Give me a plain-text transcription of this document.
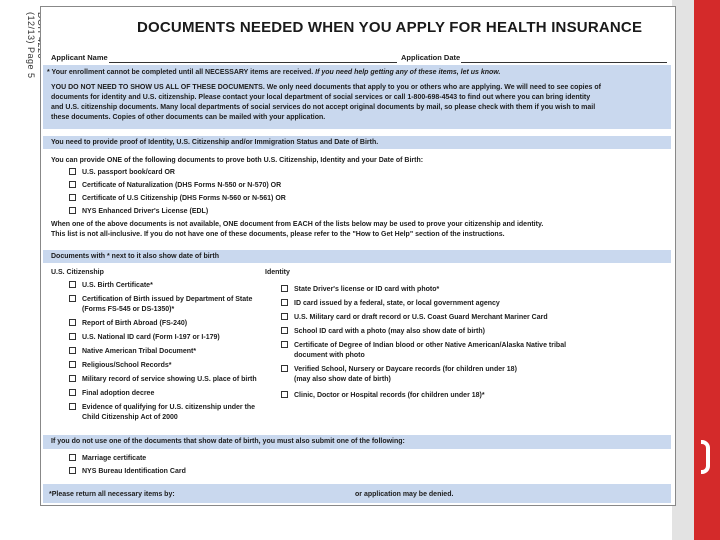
(12/13) Page 5
DOCUMENTS NEEDED WHEN YOU APPLY FOR HEALTH INSURANCE
Applicant Name	Application Date
* Your enrollment cannot be completed until all NECESSARY items are received. If you need help getting any of these items, let us know.
YOU DO NOT NEED TO SHOW US ALL OF THESE DOCUMENTS. We only need documents that apply to you or others who are applying. We will need to see copies of
documents for identity and U.S. citizenship. Please contact your local department of social services or call 1-800-698-4543 to find out where you can bring identity
and U.S. citizenship documents. Many local departments of social services do not accept original documents by mail, so please check with them if you wish to mail
these documents. Copies of other documents can be mailed with your application.
You need to provide proof of Identity, U.S. Citizenship and/or Immigration Status and Date of Birth.
You can provide ONE of the following documents to prove both U.S. Citizenship, Identity and your Date of Birth:
U.S. passport book/card OR
Certificate of Naturalization (DHS Forms N-550 or N-570) OR
Certificate of U.S Citizenship (DHS Forms N-560 or N-561) OR
NYS Enhanced Driver's License (EDL)
When one of the above documents is not available, ONE document from EACH of the lists below may be used to prove your citizenship and identity.
This list is not all-inclusive. If you do not have one of these documents, please refer to the "How to Get Help" section of the instructions.
Documents with * next to it also show date of birth
U.S. Citizenship
U.S. Birth Certificate*
Certification of Birth issued by Department of State
(Forms FS-545 or DS-1350)*
Report of Birth Abroad (FS-240)
U.S. National ID card (Form I-197 or I-179)
Native American Tribal Document*
Religious/School Records*
Military record of service showing U.S. place of birth
Final adoption decree
Evidence of qualifying for U.S. citizenship under the
Child Citizenship Act of 2000
Identity
State Driver's license or ID card with photo*
ID card issued by a federal, state, or local government agency
U.S. Military card or draft record or U.S. Coast Guard Merchant Mariner Card
School ID card with a photo (may also show date of birth)
Certificate of Degree of Indian blood or other Native American/Alaska Native tribal
document with photo
Verified School, Nursery or Daycare records (for children under 18)
(may also show date of birth)
Clinic, Doctor or Hospital records (for children under 18)*
If you do not use one of the documents that show date of birth, you must also submit one of the following:
Marriage certificate
NYS Bureau Identification Card
*Please return all necessary items by:	or application may be denied.
